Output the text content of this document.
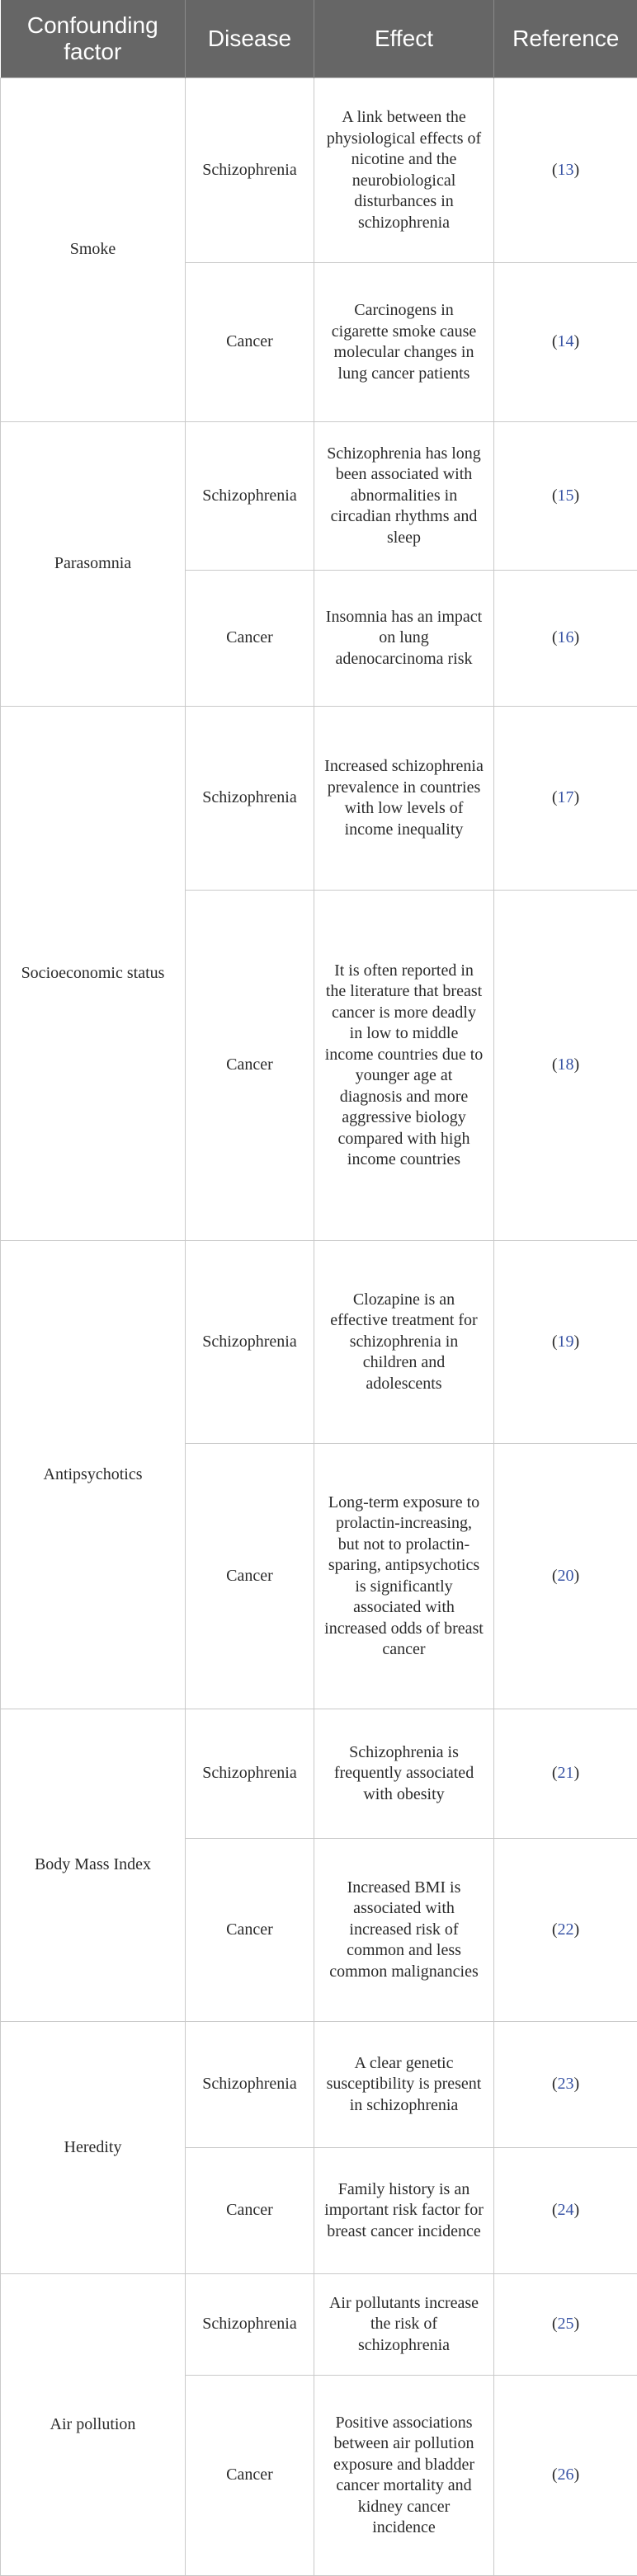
Confounding factor	Disease	Effect	Reference
Smoke	Schizophrenia	A link between the physiological effects of nicotine and the neurobiological disturbances in schizophrenia	(13)
	Cancer	Carcinogens in cigarette smoke cause molecular changes in lung cancer patients	(14)
Parasomnia	Schizophrenia	Schizophrenia has long been associated with abnormalities in circadian rhythms and sleep	(15)
	Cancer	Insomnia has an impact on lung adenocarcinoma risk	(16)
Socioeconomic status	Schizophrenia	Increased schizophrenia prevalence in countries with low levels of income inequality	(17)
	Cancer	It is often reported in the literature that breast cancer is more deadly in low to middle income countries due to younger age at diagnosis and more aggressive biology compared with high income countries	(18)
Antipsychotics	Schizophrenia	Clozapine is an effective treatment for schizophrenia in children and adolescents	(19)
	Cancer	Long-term exposure to prolactin-increasing, but not to prolactin-sparing, antipsychotics is significantly associated with increased odds of breast cancer	(20)
Body Mass Index	Schizophrenia	Schizophrenia is frequently associated with obesity	(21)
	Cancer	Increased BMI is associated with increased risk of common and less common malignancies	(22)
Heredity	Schizophrenia	A clear genetic susceptibility is present in schizophrenia	(23)
	Cancer	Family history is an important risk factor for breast cancer incidence	(24)
Air pollution	Schizophrenia	Air pollutants increase the risk of schizophrenia	(25)
	Cancer	Positive associations between air pollution exposure and bladder cancer mortality and kidney cancer incidence	(26)
